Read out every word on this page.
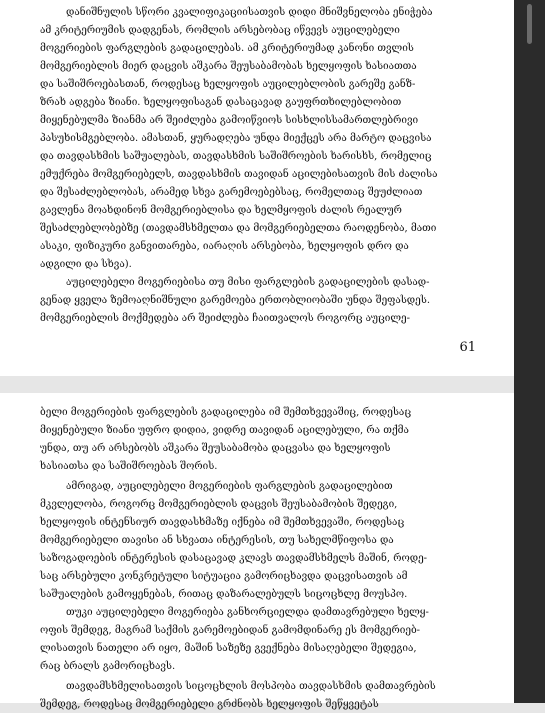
დანიშნულის სწორი კვალიფიკაციისათვის დიდი მნიშვნელობა ენიჭება
ამ კრიტერიუმის დადგენას, რომლის არსებობაც იწვევს აუცილებელი
მოგერიების ფარგლების გადაცილებას. ამ კრიტერიუმად კანონი თვლის
მომგერიებლის მიერ დაცვის აშკარა შეუსაბამობას ხელყოფის ხასიათთა
და საშიშროებასთან, როდესაც ხელყოფის აუცილებლობის გარეშე განზ-
ზრახ ადგება ზიანი. ხელყოფისაგან დასაცავად გაუფრთხილებლობით
მიყენებულმა ზიანმა არ შეიძლება გამოიწვიოს სისხლისსამართლებრივი
პასუხისმგებლობა. ამასთან, ყურადღება უნდა მიექცეს არა მარტო დაცვისა
და თავდასხმის საშუალებას, თავდასხმის საშიშროების ხარისხს, რომელიც
ემუქრება მომგერიებელს, თავდასხმის თავიდან აცილებისათვის მის ძალისა
და შესაძლებლობას, არამედ სხვა გარემოებებსაც, რომელთაც შეუძლიათ
გავლენა მოახდინონ მომგერიებლისა და ხელმყოფის ძალის რეალურ
შესაძლებლობებზე (თავდამსხმელთა და მომგერიებელთა რაოდენობა, მათი
ასაკი, ფიზიკური განვითარება, იარაღის არსებობა, ხელყოფის დრო და
ადგილი და სხვა).
აუცილებელი მოგერიებისა თუ მისი ფარგლების გადაცილების დასად-
გენად ყველა ზემოაღნიშნული გარემოება ერთობლიობაში უნდა შეფასდეს.
მომგერიებლის მოქმედება არ შეიძლება ჩაითვალოს როგორც აუცილე-
61
ბელი მოგერიების ფარგლების გადაცილება იმ შემთხვევაშიც, როდესაც
მიყენებული ზიანი უფრო დიდია, ვიდრე თავიდან აცილებული, რა თქმა
უნდა, თუ არ არსებობს აშკარა შეუსაბამობა დაცვასა და ხელყოფის
ხასიათსა და საშიშროებას შორის.
ამრიგად, აუცილებელი მოგერიების ფარგლების გადაცილებით
მკვლელობა, როგორც მომგერიებლის დაცვის შეუსაბამობის შედეგი,
ხელყოფის ინტენსიურ თავდასხმაზე იქნება იმ შემთხვევაში, როდესაც
მომგერიებელი თავისი ან სხვათა ინტერესის, თუ სახელმწიფოსა და
საზოგადოების ინტერესის დასაცავად კლავს თავდამსხმელს მაშინ, როდე-
საც არსებული კონკრეტული სიტუაცია გამორიცხავდა დაცვისათვის ამ
საშუალების გამოყენებას, რითაც დაზარალებულს სიცოცხლე მოუსპო.
თუკი აუცილებელი მოგერიება განხორციელდა დამთავრებული ხელყ-
ოფის შემდეგ, მაგრამ საქმის გარემოებიდან გამომდინარე ეს მომგერიებ-
ლისათვის ნათელი არ იყო, მაშინ საზეზე გვექნება მისაღებელი შედეგია,
რაც ბრალს გამორიცხავს.
თავდამსხმელისათვის სიცოცხლის მოსპობა თავდასხმის დამთავრების
შემდეგ, როდესაც მომგერიებელი გრძნობს ხელყოფის შეწყვეტას
